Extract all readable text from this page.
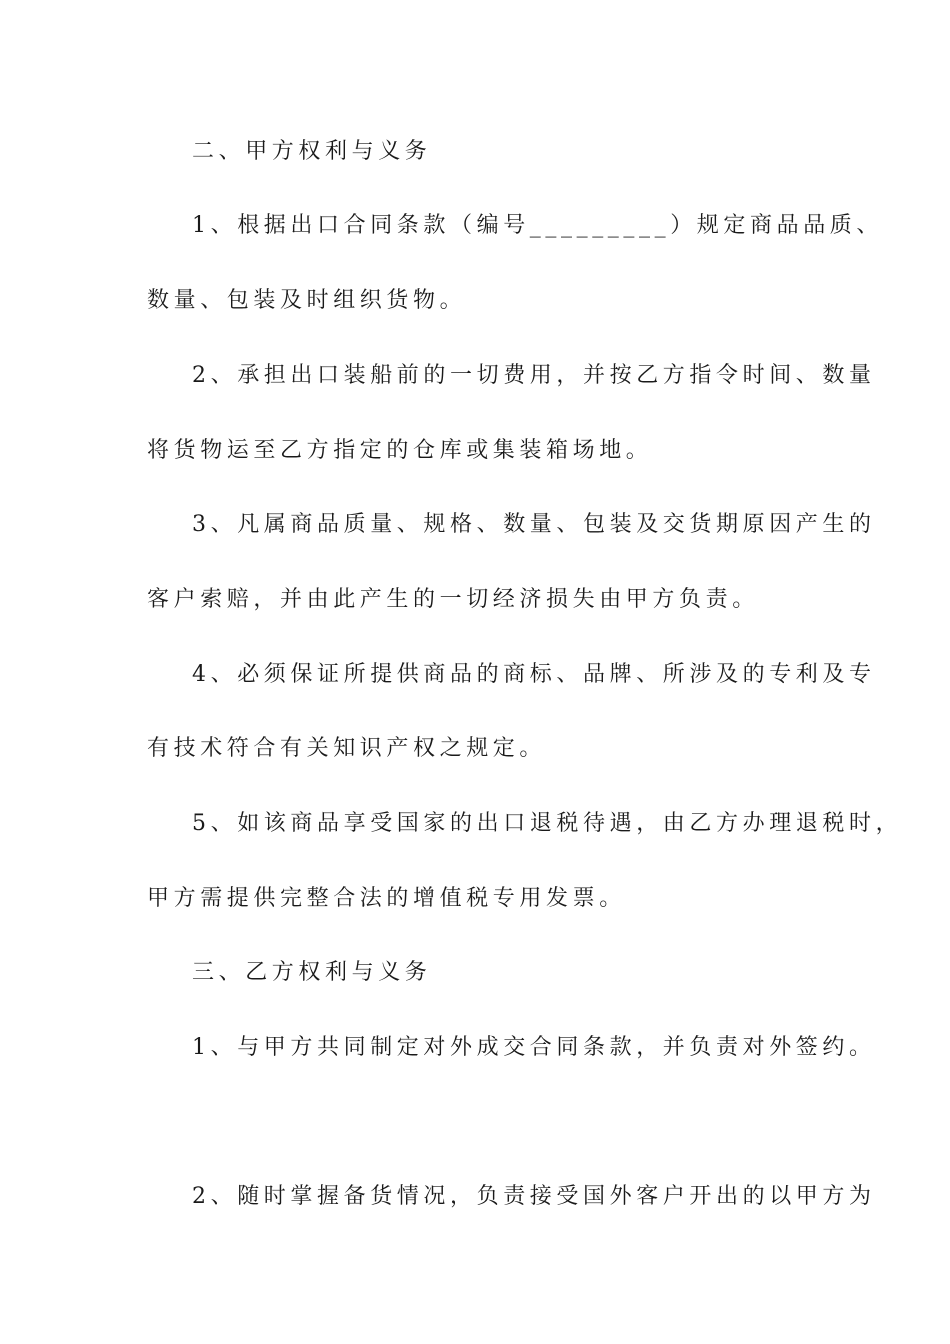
二、甲方权利与义务
1、根据出口合同条款（编号_________）规定商品品质、
数量、包装及时组织货物。
2、承担出口装船前的一切费用，并按乙方指令时间、数量
将货物运至乙方指定的仓库或集装箱场地。
3、凡属商品质量、规格、数量、包装及交货期原因产生的
客户索赔，并由此产生的一切经济损失由甲方负责。
4、必须保证所提供商品的商标、品牌、所涉及的专利及专
有技术符合有关知识产权之规定。
5、如该商品享受国家的出口退税待遇，由乙方办理退税时，
甲方需提供完整合法的增值税专用发票。
三、乙方权利与义务
1、与甲方共同制定对外成交合同条款，并负责对外签约。
2、随时掌握备货情况，负责接受国外客户开出的以甲方为
